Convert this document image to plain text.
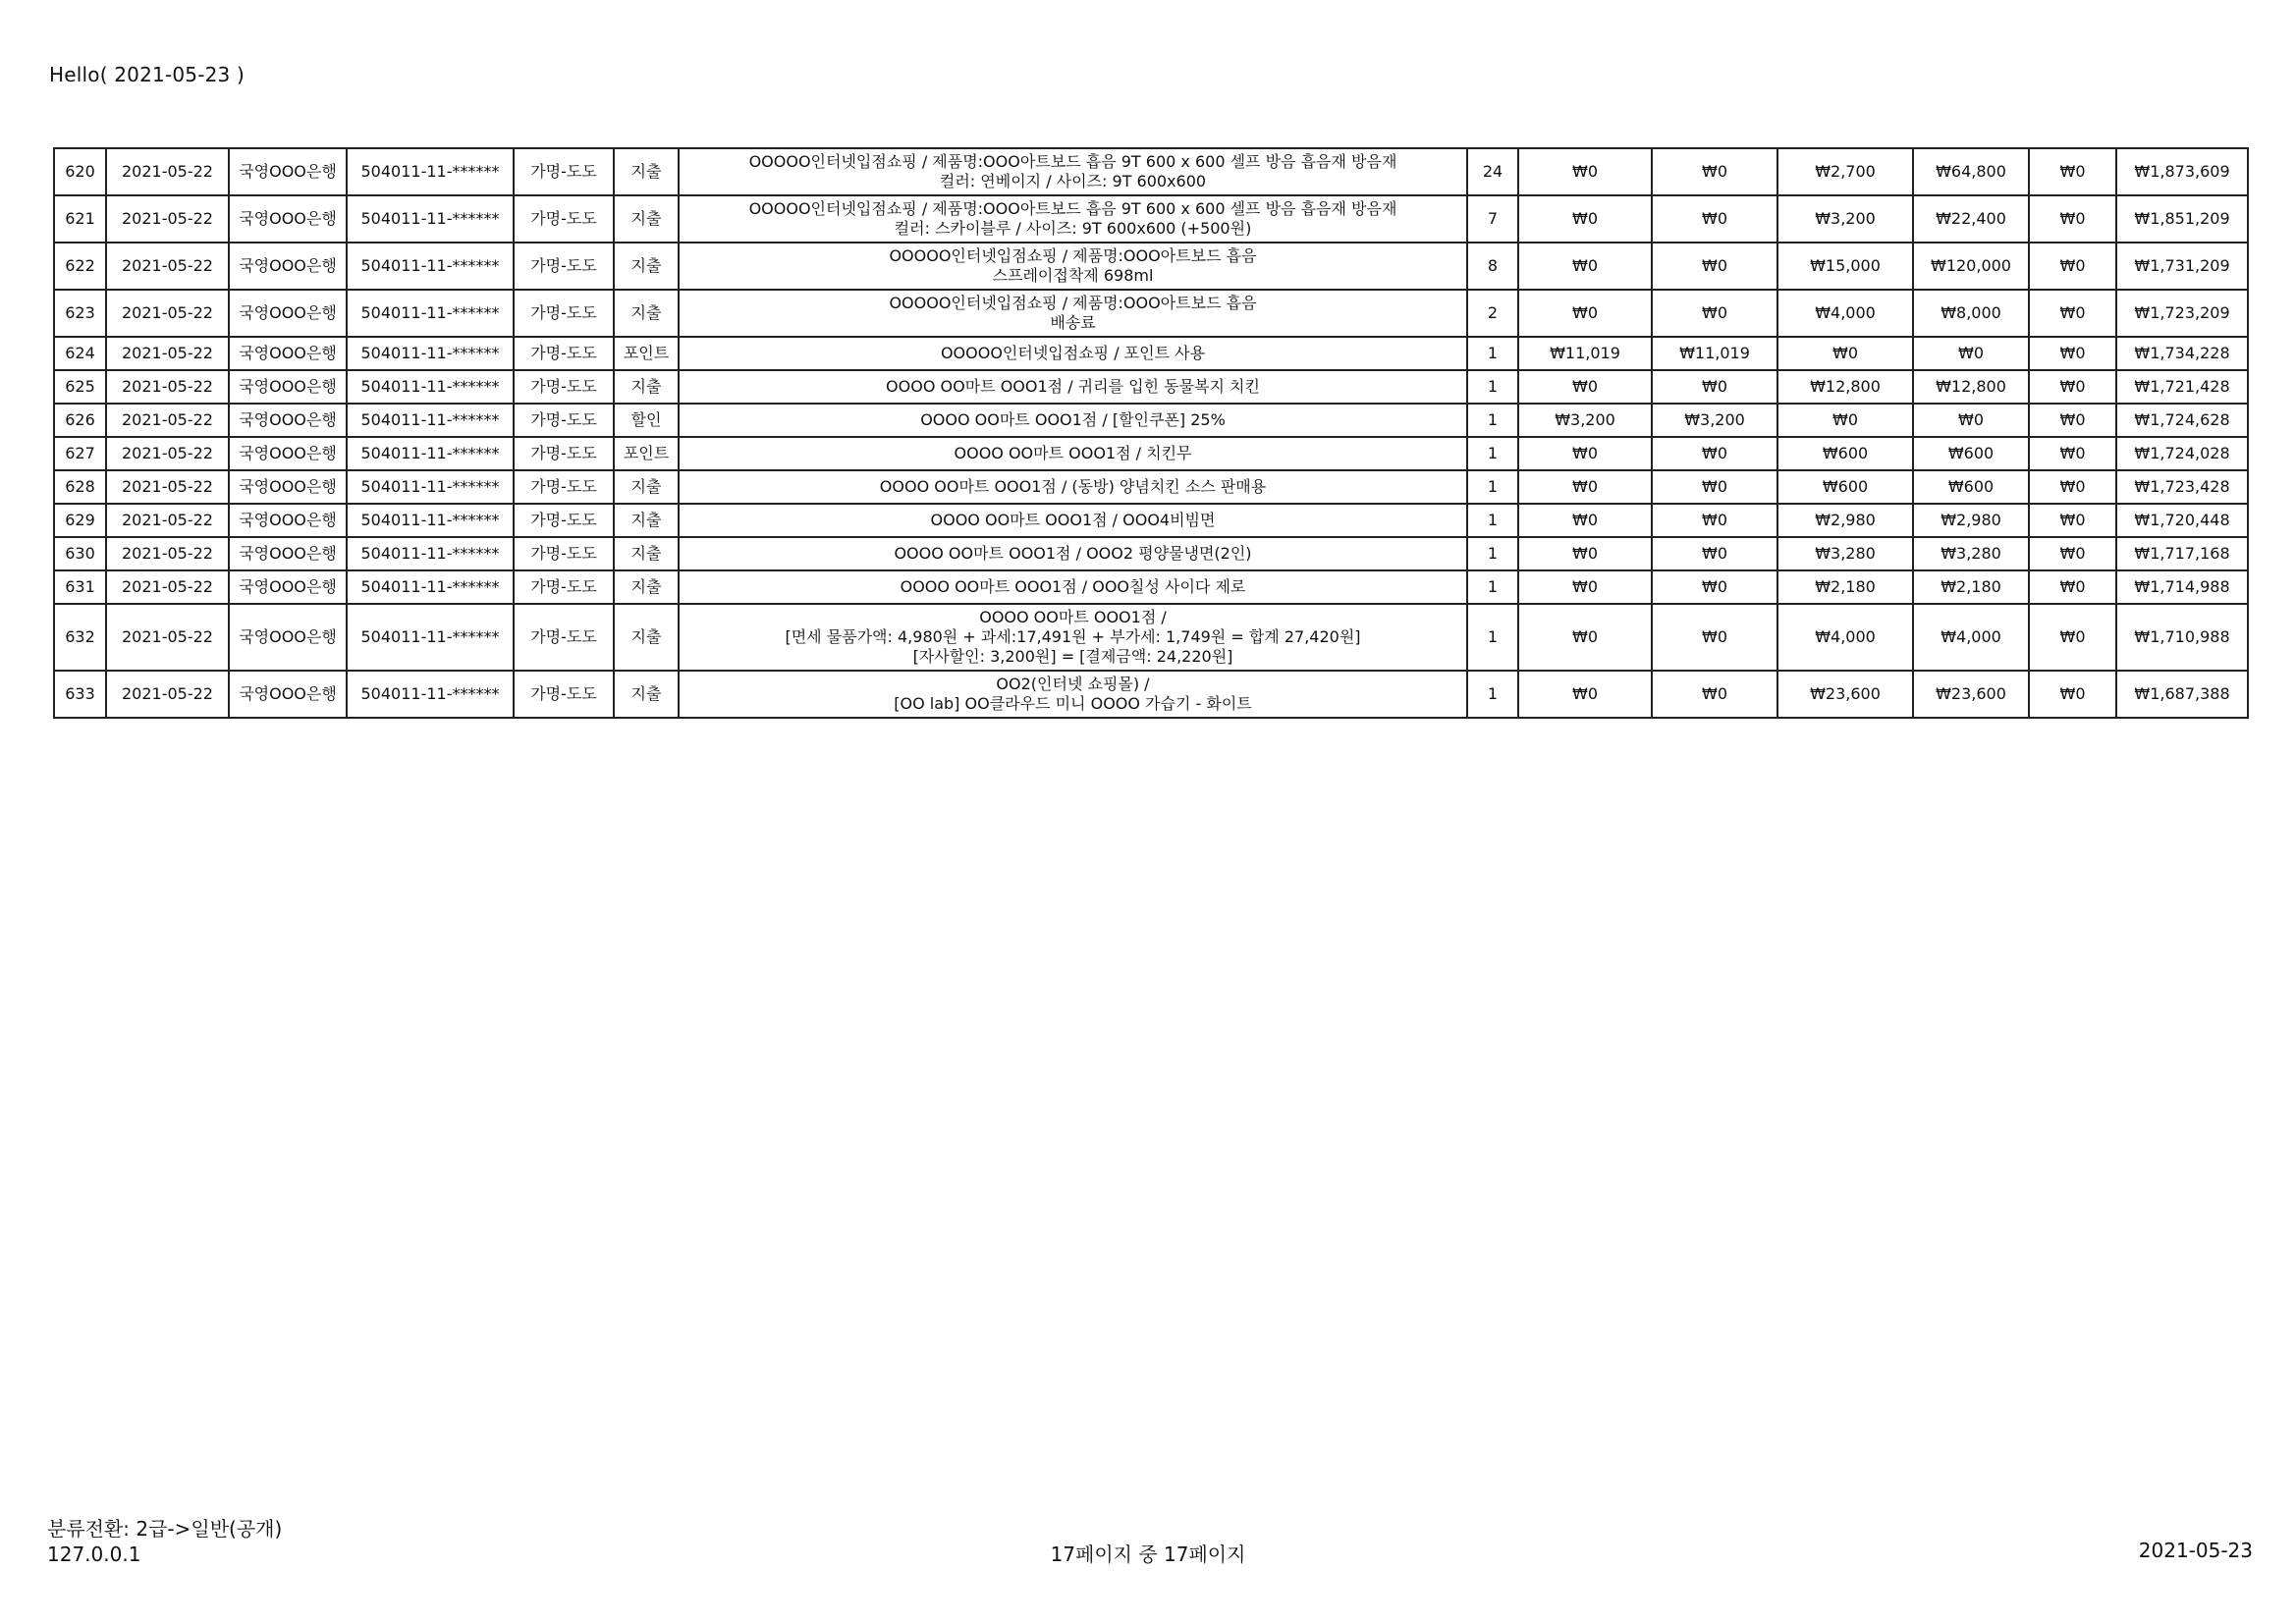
Hello( 2021-05-23 )
620	2021-05-22	국영OOO은행	504011-11-******	가명-도도	지출	OOOOO인터넷입점쇼핑 / 제품명:OOO아트보드 흡음 9T 600 x 600 셀프 방음 흡음재 방음재
컬러: 연베이지 / 사이즈: 9T 600x600	24	₩0	₩0	₩2,700	₩64,800	₩0	₩1,873,609
621	2021-05-22	국영OOO은행	504011-11-******	가명-도도	지출	OOOOO인터넷입점쇼핑 / 제품명:OOO아트보드 흡음 9T 600 x 600 셀프 방음 흡음재 방음재
컬러: 스카이블루 / 사이즈: 9T 600x600 (+500원)	7	₩0	₩0	₩3,200	₩22,400	₩0	₩1,851,209
622	2021-05-22	국영OOO은행	504011-11-******	가명-도도	지출	OOOOO인터넷입점쇼핑 / 제품명:OOO아트보드 흡음
스프레이접착제 698ml	8	₩0	₩0	₩15,000	₩120,000	₩0	₩1,731,209
623	2021-05-22	국영OOO은행	504011-11-******	가명-도도	지출	OOOOO인터넷입점쇼핑 / 제품명:OOO아트보드 흡음
배송료	2	₩0	₩0	₩4,000	₩8,000	₩0	₩1,723,209
624	2021-05-22	국영OOO은행	504011-11-******	가명-도도	포인트	OOOOO인터넷입점쇼핑 / 포인트 사용	1	₩11,019	₩11,019	₩0	₩0	₩0	₩1,734,228
625	2021-05-22	국영OOO은행	504011-11-******	가명-도도	지출	OOOO OO마트 OOO1점 / 귀리를 입힌 동물복지 치킨	1	₩0	₩0	₩12,800	₩12,800	₩0	₩1,721,428
626	2021-05-22	국영OOO은행	504011-11-******	가명-도도	할인	OOOO OO마트 OOO1점 / [할인쿠폰] 25%	1	₩3,200	₩3,200	₩0	₩0	₩0	₩1,724,628
627	2021-05-22	국영OOO은행	504011-11-******	가명-도도	포인트	OOOO OO마트 OOO1점 / 치킨무	1	₩0	₩0	₩600	₩600	₩0	₩1,724,028
628	2021-05-22	국영OOO은행	504011-11-******	가명-도도	지출	OOOO OO마트 OOO1점 / (동방) 양념치킨 소스 판매용	1	₩0	₩0	₩600	₩600	₩0	₩1,723,428
629	2021-05-22	국영OOO은행	504011-11-******	가명-도도	지출	OOOO OO마트 OOO1점 / OOO4비빔면	1	₩0	₩0	₩2,980	₩2,980	₩0	₩1,720,448
630	2021-05-22	국영OOO은행	504011-11-******	가명-도도	지출	OOOO OO마트 OOO1점 / OOO2 평양물냉면(2인)	1	₩0	₩0	₩3,280	₩3,280	₩0	₩1,717,168
631	2021-05-22	국영OOO은행	504011-11-******	가명-도도	지출	OOOO OO마트 OOO1점 / OOO칠성 사이다 제로	1	₩0	₩0	₩2,180	₩2,180	₩0	₩1,714,988
632	2021-05-22	국영OOO은행	504011-11-******	가명-도도	지출	OOOO OO마트 OOO1점 /
[면세 물품가액: 4,980원 + 과세:17,491원 + 부가세: 1,749원 = 합계 27,420원]
[자사할인: 3,200원] = [결제금액: 24,220원]	1	₩0	₩0	₩4,000	₩4,000	₩0	₩1,710,988
633	2021-05-22	국영OOO은행	504011-11-******	가명-도도	지출	OO2(인터넷 쇼핑몰) /
[OO lab] OO클라우드 미니 OOOO 가습기 - 화이트	1	₩0	₩0	₩23,600	₩23,600	₩0	₩1,687,388
분류전환: 2급->일반(공개)
127.0.0.1	17페이지 중 17페이지	2021-05-23
